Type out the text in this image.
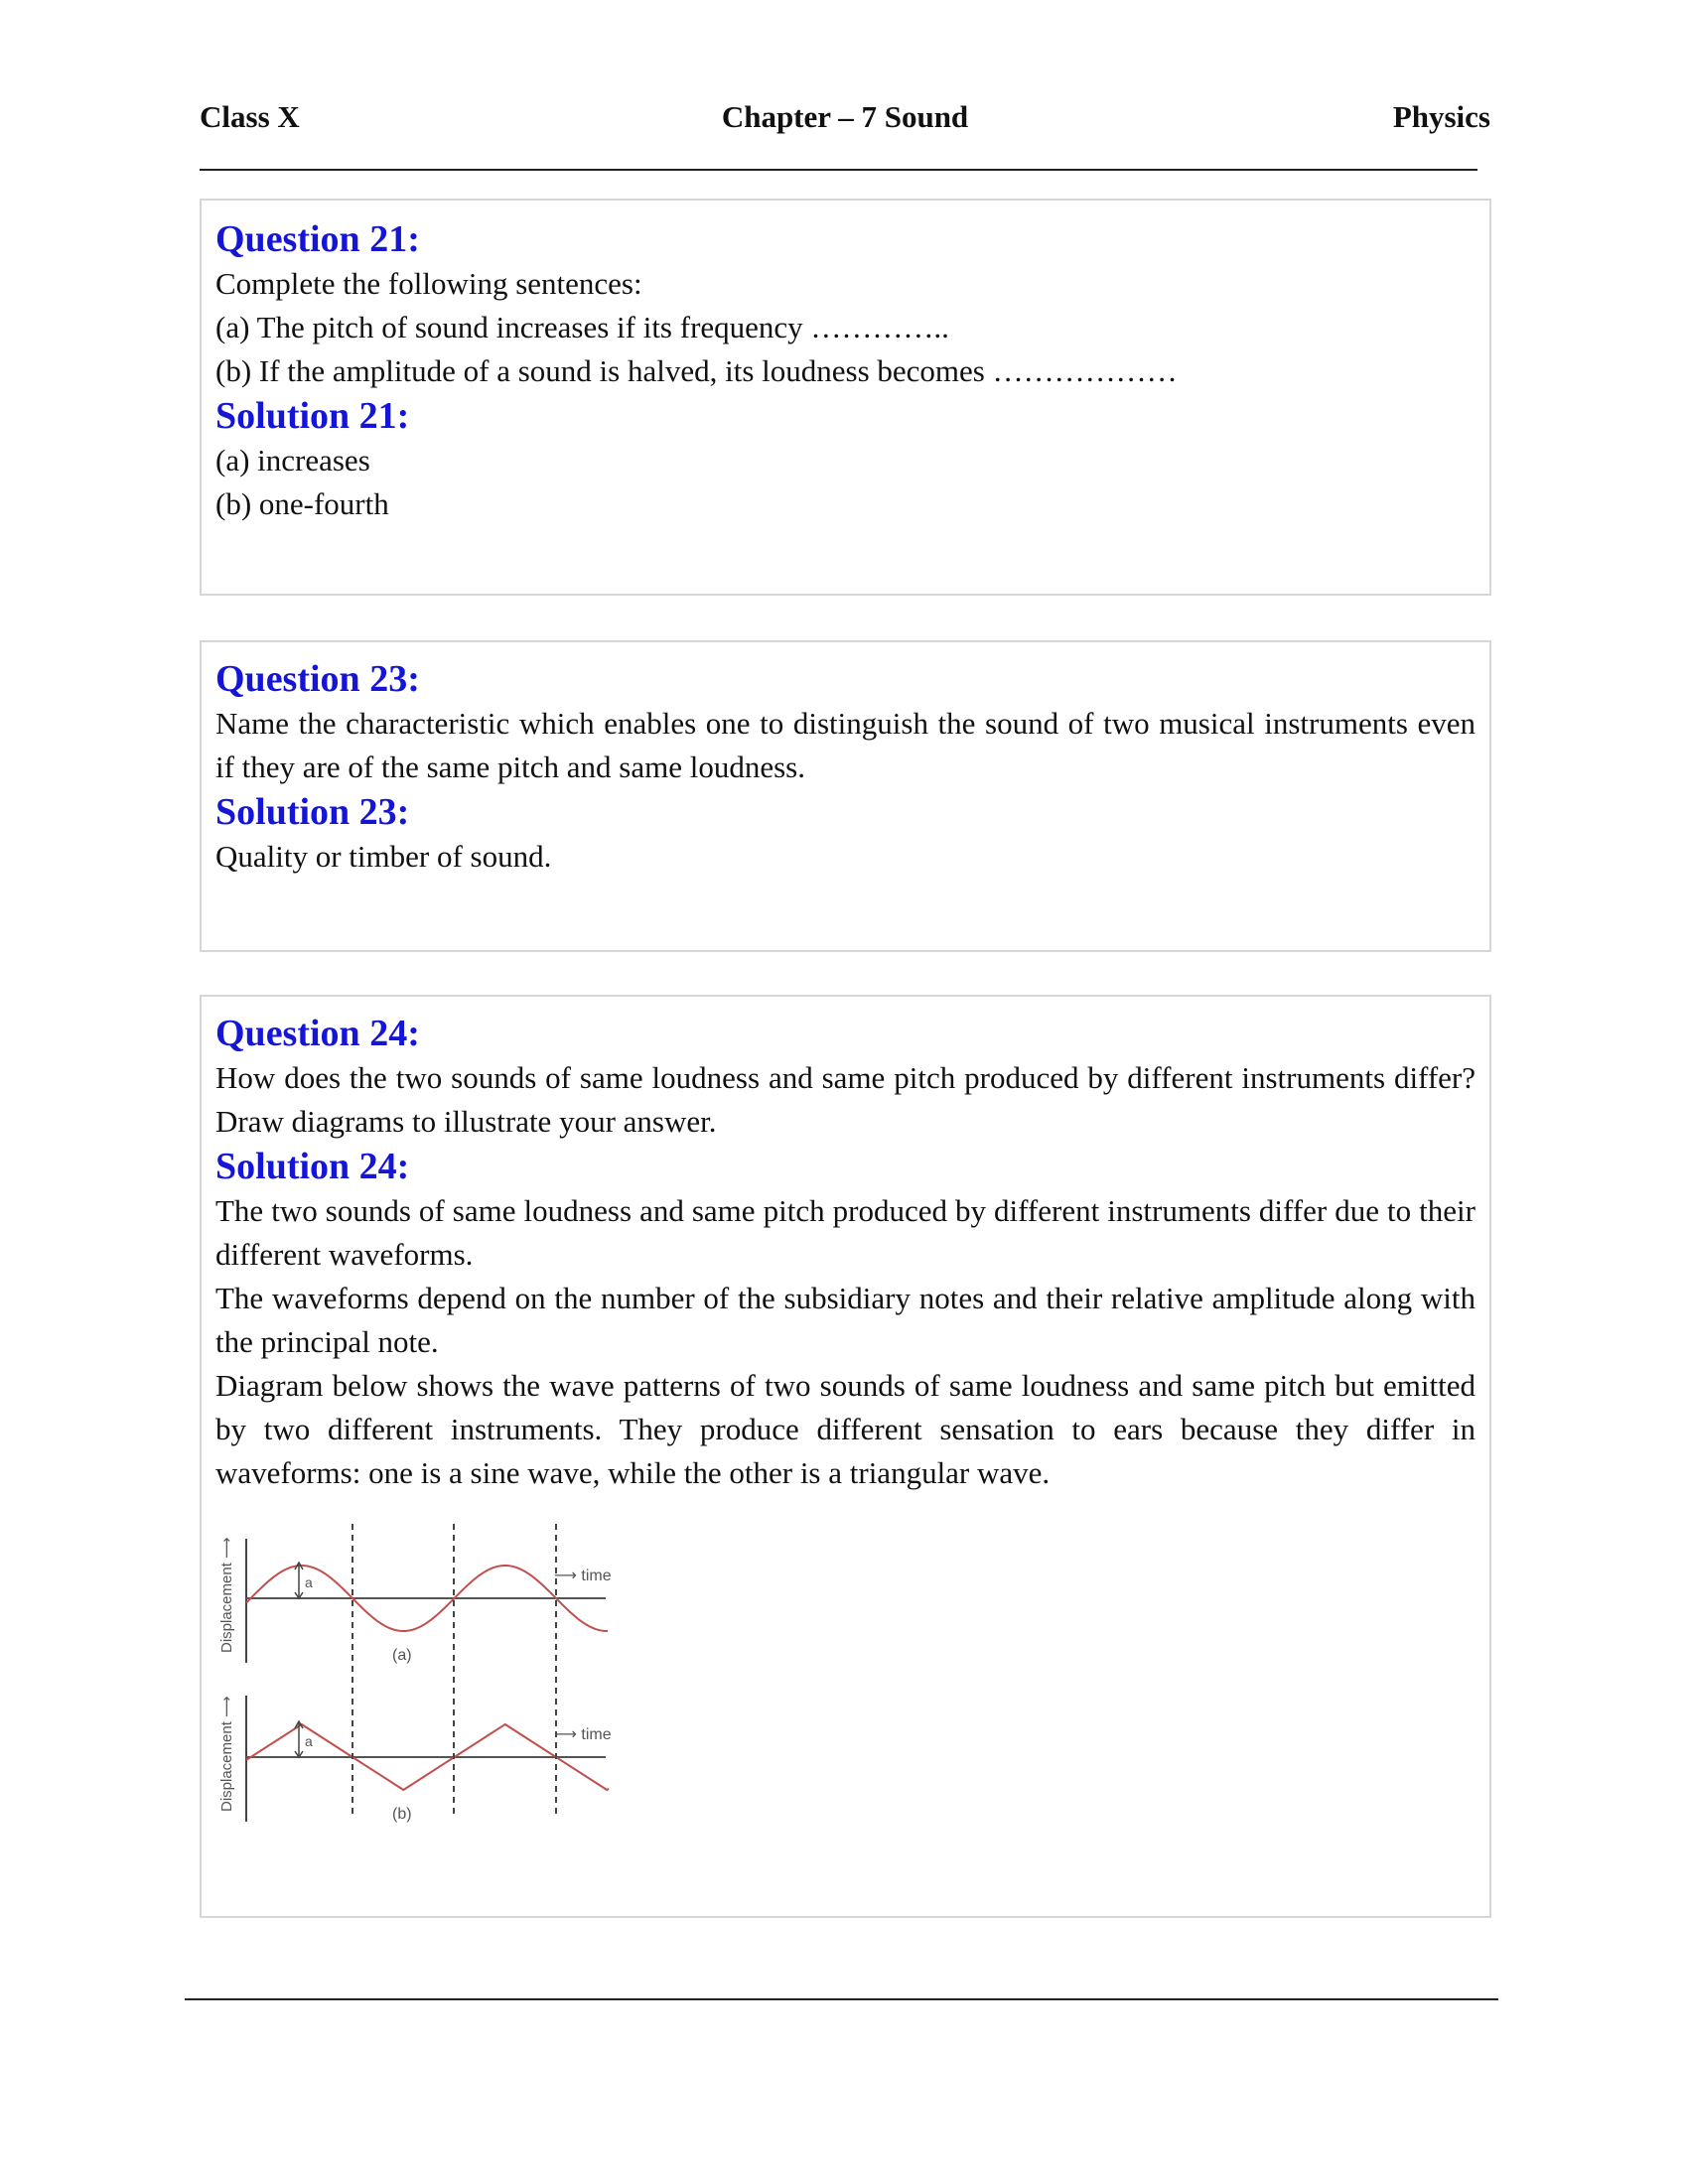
Chapter – 7 Sound
Class X	Physics
Question 21:

Complete the following sentences:

(a) The pitch of sound increases if its frequency …………..

(b) If the amplitude of a sound is halved, its loudness becomes ………………

Solution 21:

(a) increases

(b) one-fourth

Question 23:

Name the characteristic which enables one to distinguish the sound of two musical instruments even if they are of the same pitch and same loudness.

Solution 23:

Quality or timber of sound.

Question 24:

How does the two sounds of same loudness and same pitch produced by different instruments differ? Draw diagrams to illustrate your answer.

Solution 24:

The two sounds of same loudness and same pitch produced by different instruments differ due to their different waveforms.

The waveforms depend on the number of the subsidiary notes and their relative amplitude along with the principal note.

Diagram below shows the wave patterns of two sounds of same loudness and same pitch but emitted by two different instruments. They produce different sensation to ears because they differ in waveforms: one is a sine wave, while the other is a triangular wave.

Displacement ⟶	a	⟶ time
(a)
Displacement ⟶	a	⟶ time
(b)
